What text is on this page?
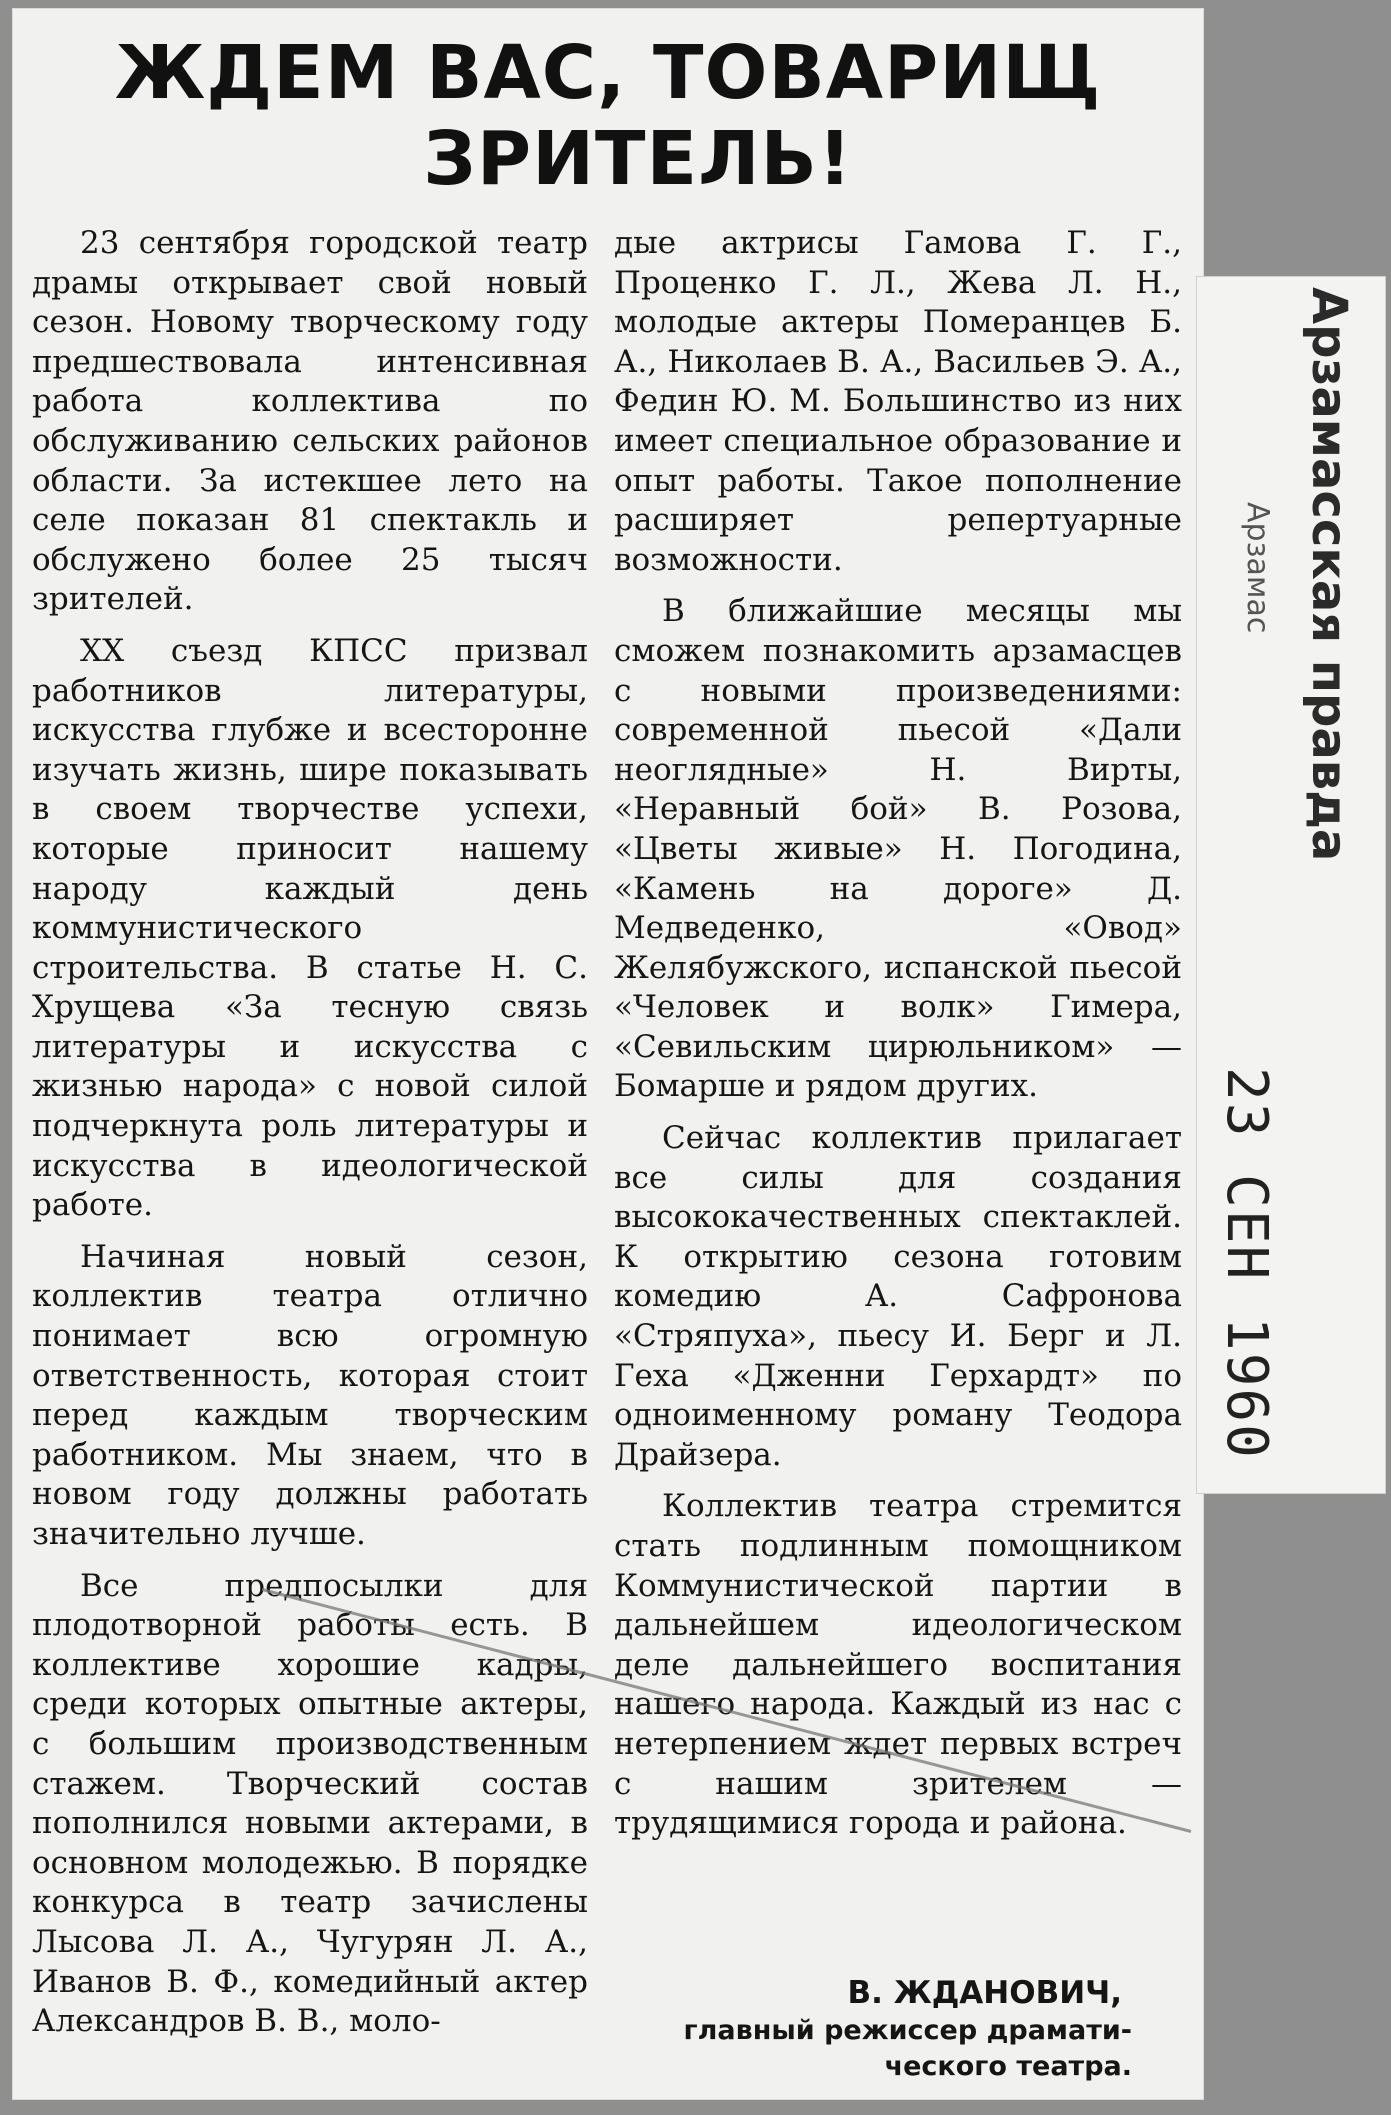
ЖДЕМ ВАС, ТОВАРИЩ
ЗРИТЕЛЬ!

23 сентября городской театр драмы открывает свой новый сезон. Новому творческому году предшествовала интенсивная работа коллектива по обслуживанию сельских районов области. За истекшее лето на селе показан 81 спектакль и обслужено более 25 тысяч зрителей.

XX съезд КПСС призвал работников литературы, искусства глубже и всесторонне изучать жизнь, шире показывать в своем творчестве успехи, которые приносит нашему народу каждый день коммунистического строительства. В статье Н. С. Хрущева «За тесную связь литературы и искусства с жизнью народа» с новой силой подчеркнута роль литературы и искусства в идеологической работе.

Начиная новый сезон, коллектив театра отлично понимает всю огромную ответственность, которая стоит перед каждым творческим работником. Мы знаем, что в новом году должны работать значительно лучше.

Все предпосылки для плодотворной работы есть. В коллективе хорошие кадры, среди которых опытные актеры, с большим производственным стажем. Творческий состав пополнился новыми актерами, в основном молодежью. В порядке конкурса в театр зачислены Лысова Л. А., Чугурян Л. А., Иванов В. Ф., комедийный актер Александров В. В., моло-

дые актрисы Гамова Г. Г., Проценко Г. Л., Жева Л. Н., молодые актеры Померанцев Б. А., Николаев В. А., Васильев Э. А., Федин Ю. М. Большинство из них имеет специальное образование и опыт работы. Такое пополнение расширяет репертуарные возможности.

В ближайшие месяцы мы сможем познакомить арзамасцев с новыми произведениями: современной пьесой «Дали неоглядные» Н. Вирты, «Неравный бой» В. Розова, «Цветы живые» Н. Погодина, «Камень на дороге» Д. Медведенко, «Овод» Желябужского, испанской пьесой «Человек и волк» Гимера, «Севильским цирюльником» —Бомарше и рядом других.

Сейчас коллектив прилагает все силы для создания высококачественных спектаклей. К открытию сезона готовим комедию А. Сафронова «Стряпуха», пьесу И. Берг и Л. Геха «Дженни Герхардт» по одноименному роману Теодора Драйзера.

Коллектив театра стремится стать подлинным помощником Коммунистической партии в дальнейшем идеологическом деле дальнейшего воспитания нашего народа. Каждый из нас с нетерпением ждет первых встреч с нашим зрителем — трудящимися города и района.

В. ЖДАНОВИЧ,
главный режиссер драмати-
ческого театра.
Арзамасская правда
Арзамас
23 СЕН 1960
